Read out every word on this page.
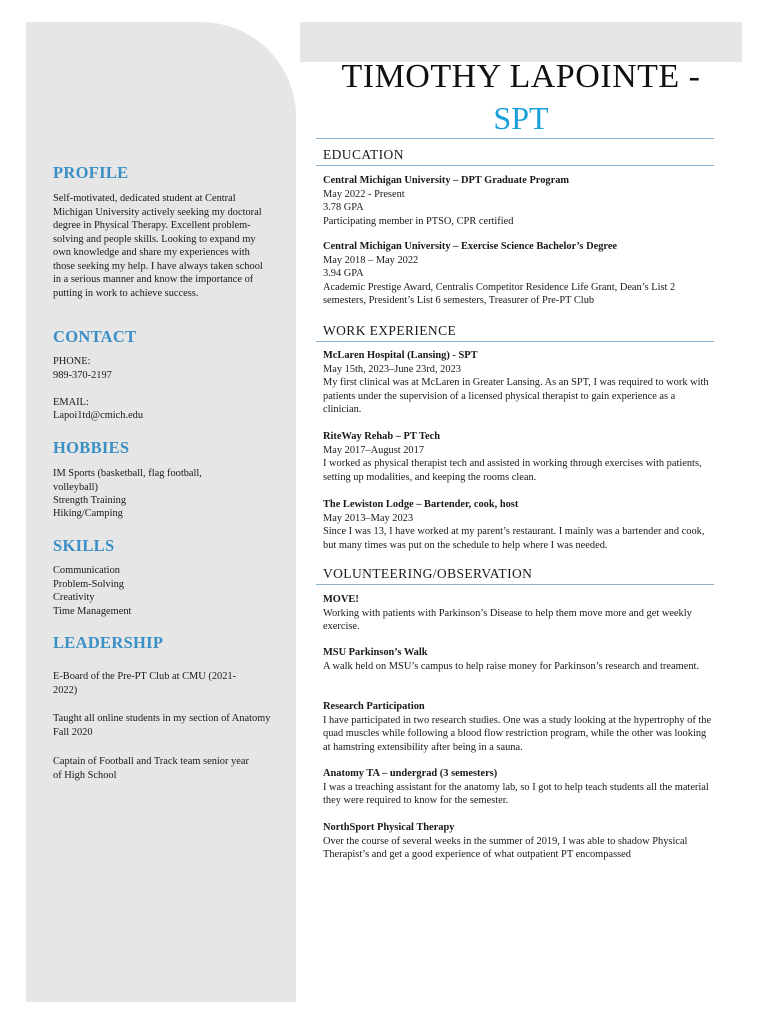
PROFILE

Self-motivated, dedicated student at Central Michigan University actively seeking my doctoral degree in Physical Therapy. Excellent problem-solving and people skills. Looking to expand my own knowledge and share my experiences with those seeking my help. I have always taken school in a serious manner and know the importance of putting in work to achieve success.

CONTACT

PHONE:

989-370-2197

EMAIL:

Lapoi1td@cmich.edu

HOBBIES

IM Sports (basketball, flag football, volleyball)

Strength Training

Hiking/Camping

SKILLS

Communication

Problem-Solving

Creativity

Time Management

LEADERSHIP

E-Board of the Pre-PT Club at CMU (2021-2022)

Taught all online students in my section of Anatomy Fall 2020

Captain of Football and Track team senior year of High School

TIMOTHY LAPOINTE -
SPT
EDUCATION
Central Michigan University – DPT Graduate Program
May 2022 - Present
3.78 GPA
Participating member in PTSO, CPR certified
Central Michigan University – Exercise Science Bachelor’s Degree
May 2018 – May 2022
3.94 GPA
Academic Prestige Award, Centralis Competitor Residence Life Grant, Dean’s List 2 semesters, President’s List 6 semesters, Treasurer of Pre-PT Club
WORK EXPERIENCE
McLaren Hospital (Lansing) - SPT
May 15th, 2023–June 23rd, 2023
My first clinical was at McLaren in Greater Lansing. As an SPT, I was required to work with patients under the supervision of a licensed physical therapist to gain experience as a clinician.
RiteWay Rehab – PT Tech
May 2017–August 2017
I worked as physical therapist tech and assisted in working through exercises with patients, setting up modalities, and keeping the rooms clean.
The Lewiston Lodge – Bartender, cook, host
May 2013–May 2023
Since I was 13, I have worked at my parent’s restaurant. I mainly was a bartender and cook, but many times was put on the schedule to help where I was needed.
VOLUNTEERING/OBSERVATION
MOVE!
Working with patients with Parkinson’s Disease to help them move more and get weekly exercise.
MSU Parkinson’s Walk
A walk held on MSU’s campus to help raise money for Parkinson’s research and treament.
Research Participation
I have participated in two research studies. One was a study looking at the hypertrophy of the quad muscles while following a blood flow restriction program, while the other was looking at hamstring extensibility after being in a sauna.
Anatomy TA – undergrad (3 semesters)
I was a treaching assistant for the anatomy lab, so I got to help teach students all the material they were required to know for the semester.
NorthSport Physical Therapy
Over the course of several weeks in the summer of 2019, I was able to shadow Physical Therapist’s and get a good experience of what outpatient PT encompassed
